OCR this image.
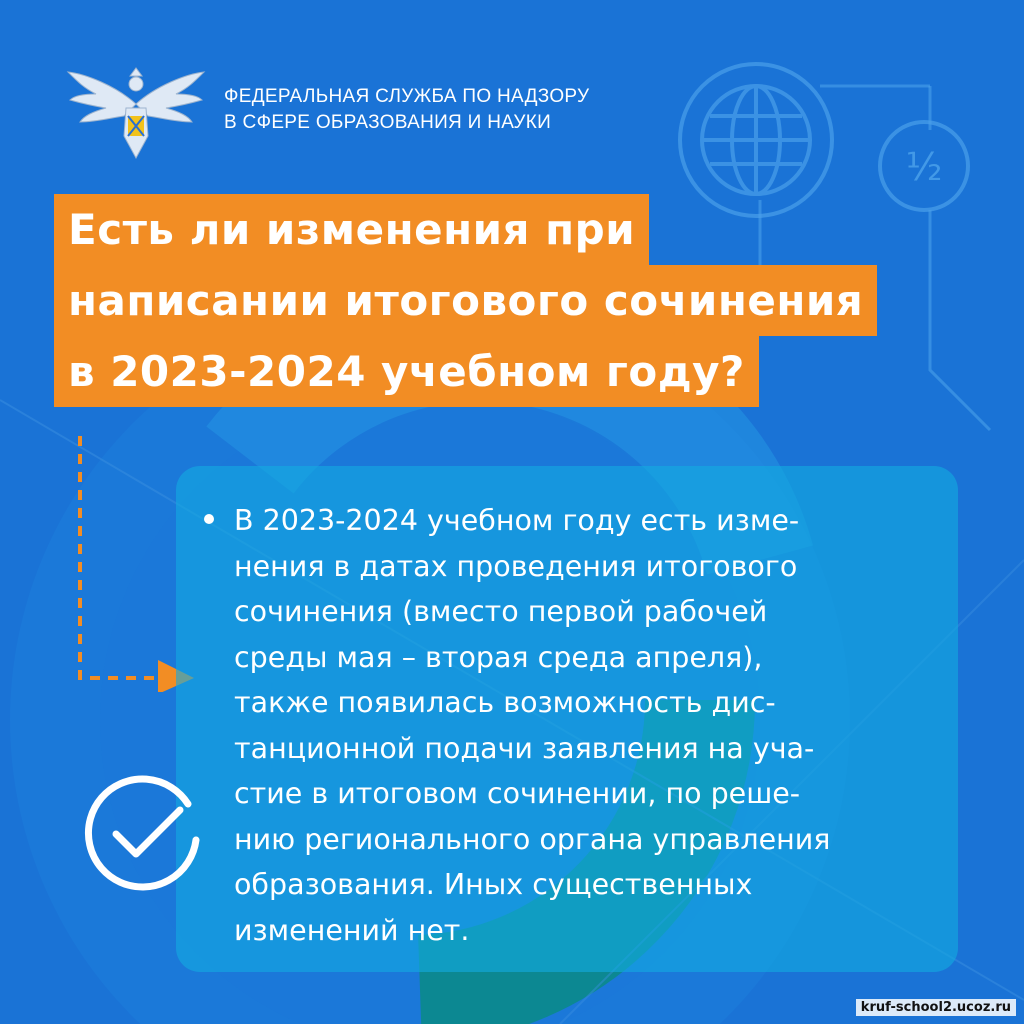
½
ФЕДЕРАЛЬНАЯ СЛУЖБА ПО НАДЗОРУ
В СФЕРЕ ОБРАЗОВАНИЯ И НАУКИ
Есть ли изменения при
написании итогового сочинения
в 2023-2024 учебном году?
В 2023-2024 учебном году есть изме-
нения в датах проведения итогового
сочинения (вместо первой рабочей
среды мая – вторая среда апреля),
также появилась возможность дис-
танционной подачи заявления на уча-
стие в итоговом сочинении, по реше-
нию регионального органа управления
образования. Иных существенных
изменений нет.
kruf-school2.ucoz.ru
